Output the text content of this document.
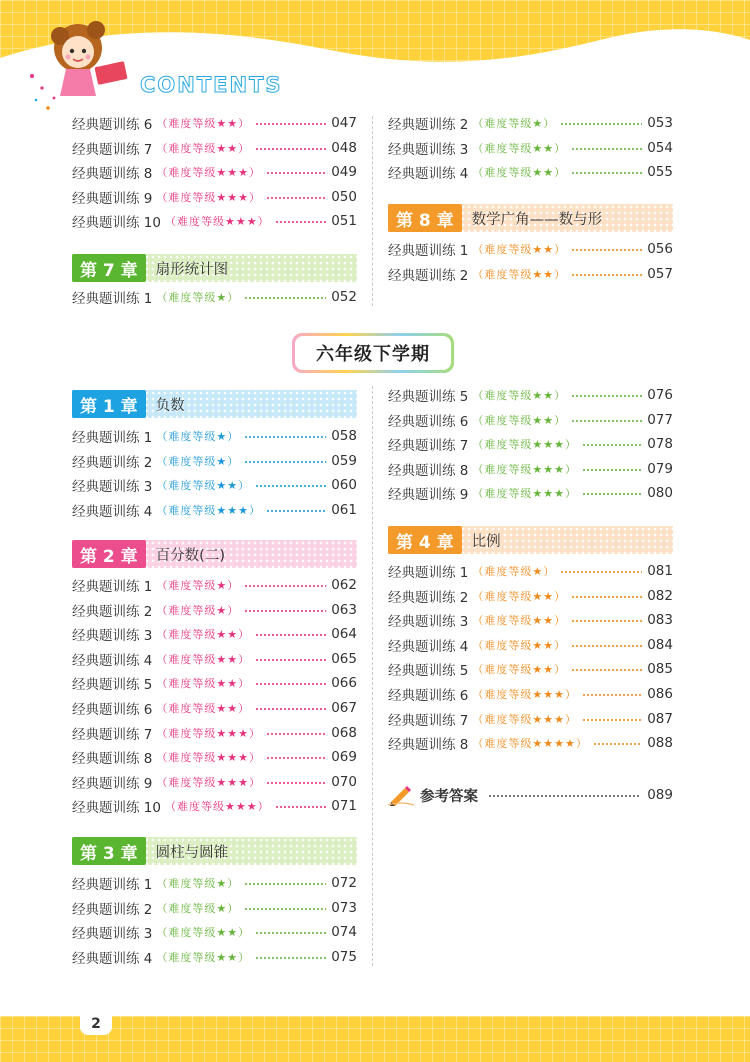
CONTENTS
经典题训练 6 （难度等级★★）	047
经典题训练 7 （难度等级★★）	048
经典题训练 8 （难度等级★★★）	049
经典题训练 9 （难度等级★★★）	050
经典题训练 10 （难度等级★★★）	051
第 7 章	扇形统计图
经典题训练 1 （难度等级★）	052
经典题训练 2 （难度等级★）	053
经典题训练 3 （难度等级★★）	054
经典题训练 4 （难度等级★★）	055
第 8 章	数学广角——数与形
经典题训练 1 （难度等级★★）	056
经典题训练 2 （难度等级★★）	057
六年级下学期
第 1 章	负数
经典题训练 1 （难度等级★）	058
经典题训练 2 （难度等级★）	059
经典题训练 3 （难度等级★★）	060
经典题训练 4 （难度等级★★★）	061
第 2 章	百分数(二)
经典题训练 1 （难度等级★）	062
经典题训练 2 （难度等级★）	063
经典题训练 3 （难度等级★★）	064
经典题训练 4 （难度等级★★）	065
经典题训练 5 （难度等级★★）	066
经典题训练 6 （难度等级★★）	067
经典题训练 7 （难度等级★★★）	068
经典题训练 8 （难度等级★★★）	069
经典题训练 9 （难度等级★★★）	070
经典题训练 10 （难度等级★★★）	071
第 3 章	圆柱与圆锥
经典题训练 1 （难度等级★）	072
经典题训练 2 （难度等级★）	073
经典题训练 3 （难度等级★★）	074
经典题训练 4 （难度等级★★）	075
经典题训练 5 （难度等级★★）	076
经典题训练 6 （难度等级★★）	077
经典题训练 7 （难度等级★★★）	078
经典题训练 8 （难度等级★★★）	079
经典题训练 9 （难度等级★★★）	080
第 4 章	比例
经典题训练 1 （难度等级★）	081
经典题训练 2 （难度等级★★）	082
经典题训练 3 （难度等级★★）	083
经典题训练 4 （难度等级★★）	084
经典题训练 5 （难度等级★★）	085
经典题训练 6 （难度等级★★★）	086
经典题训练 7 （难度等级★★★）	087
经典题训练 8 （难度等级★★★★）	088
参考答案	089
2
